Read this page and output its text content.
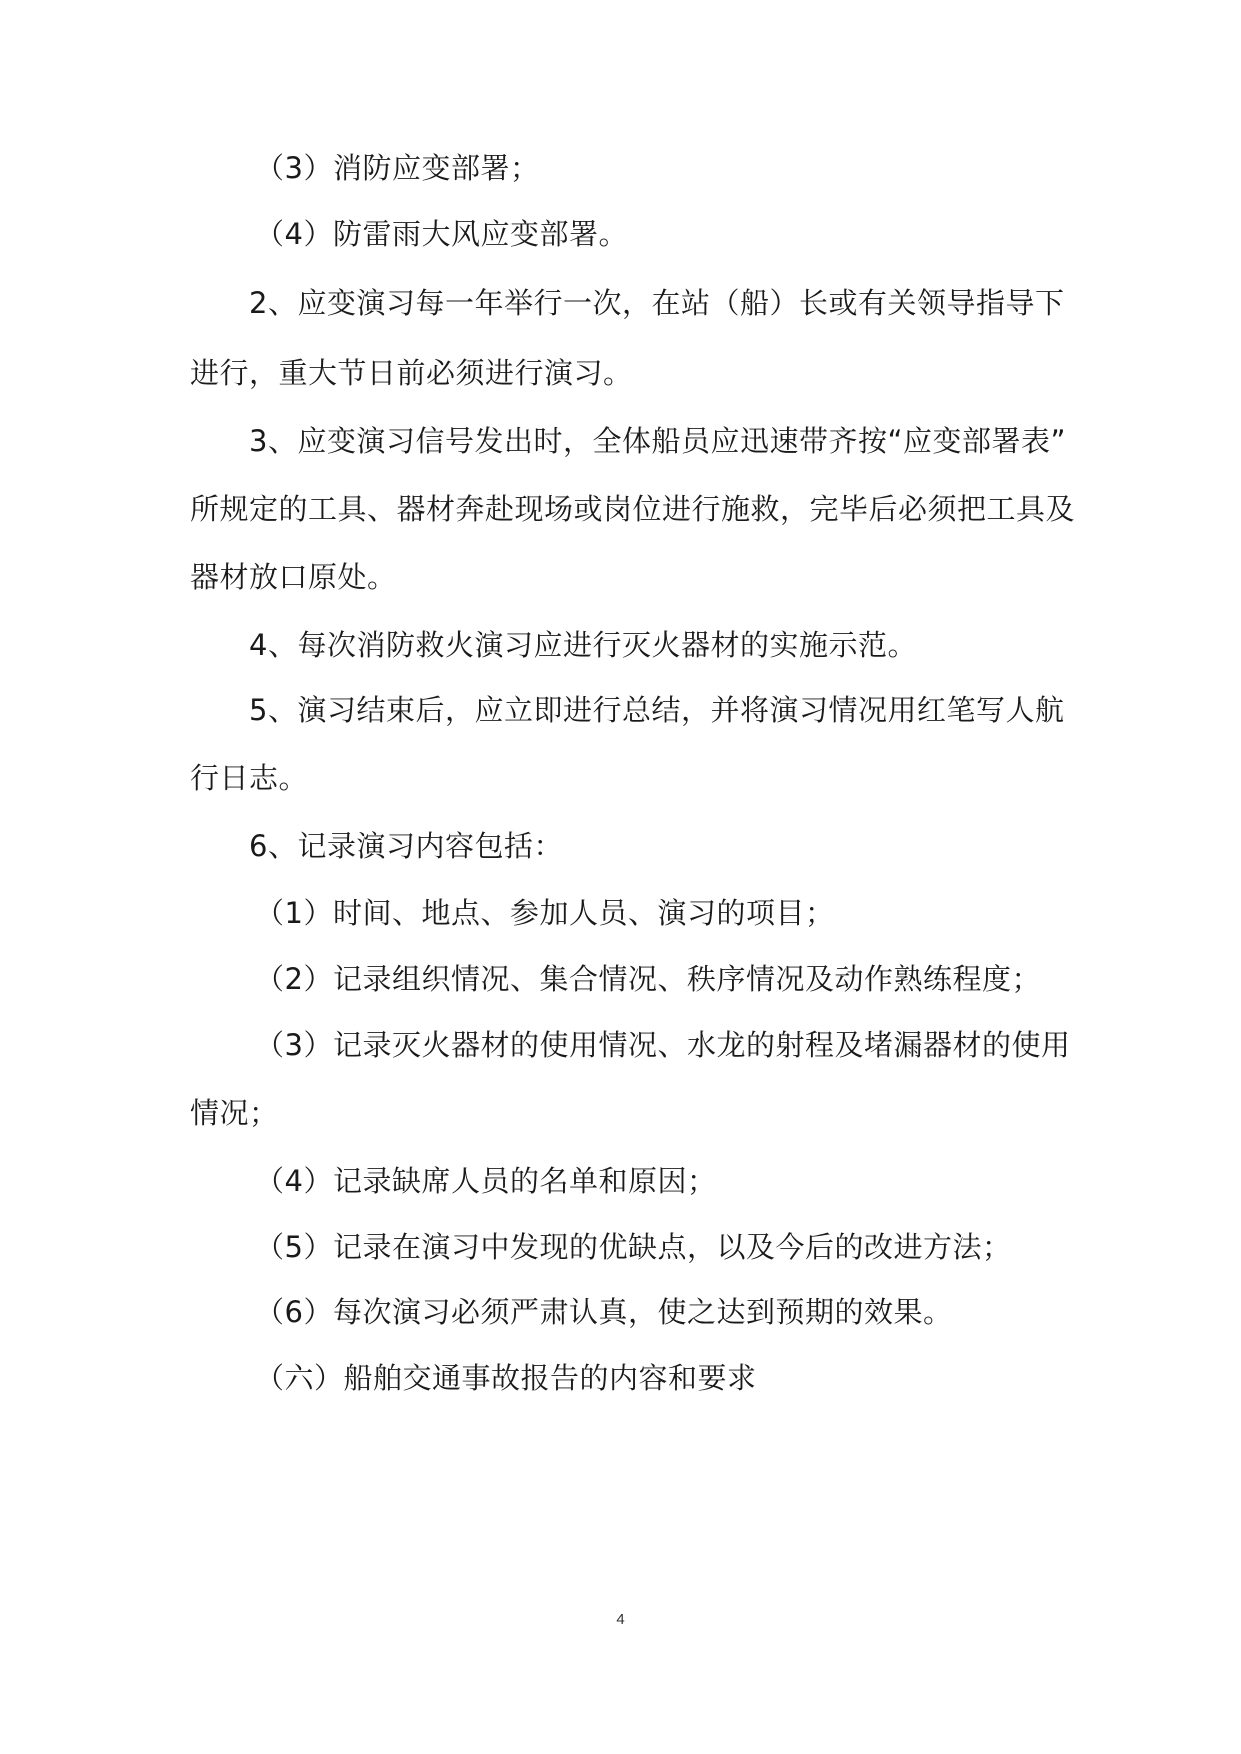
（3）消防应变部署；
（4）防雷雨大风应变部署。
2、应变演习每一年举行一次，在站（船）长或有关领导指导下
进行，重大节日前必须进行演习。
3、应变演习信号发出时，全体船员应迅速带齐按“应变部署表”
所规定的工具、器材奔赴现场或岗位进行施救，完毕后必须把工具及
器材放口原处。
4、每次消防救火演习应进行灭火器材的实施示范。
5、演习结束后，应立即进行总结，并将演习情况用红笔写人航
行日志。
6、记录演习内容包括：
（1）时间、地点、参加人员、演习的项目；
（2）记录组织情况、集合情况、秩序情况及动作熟练程度；
（3）记录灭火器材的使用情况、水龙的射程及堵漏器材的使用
情况；
（4）记录缺席人员的名单和原因；
（5）记录在演习中发现的优缺点，以及今后的改进方法；
（6）每次演习必须严肃认真，使之达到预期的效果。
（六）船舶交通事故报告的内容和要求
4
